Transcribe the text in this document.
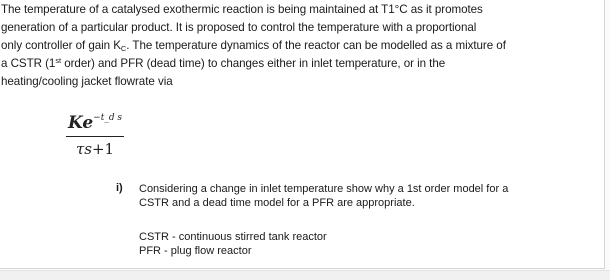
The temperature of a catalysed exothermic reaction is being maintained at T1°C as it promotes
generation of a particular product. It is proposed to control the temperature with a proportional
only controller of gain $K_C$. The temperature dynamics of the reactor can be modelled as a mixture of
a CSTR (1st order) and PFR (dead time) to changes either in inlet temperature, or in the
heating/cooling jacket flowrate via

$Ke^{-t\_d s}$
τs+1
i) Considering a change in inlet temperature show why a 1st order model for a
CSTR and a dead time model for a PFR are appropriate.

CSTR - continuous stirred tank reactor
PFR - plug flow reactor
